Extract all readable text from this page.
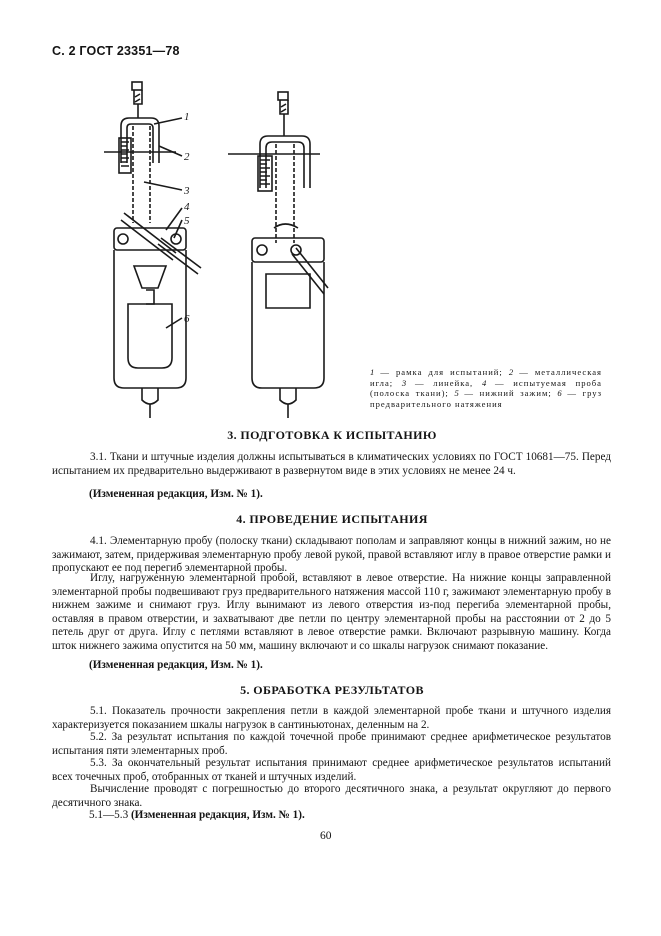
С. 2 ГОСТ 23351—78
1
2
3
4
5
6
1 — рамка для испытаний; 2 — металлическая игла; 3 — линейка, 4 — испытуемая проба (полоска ткани); 5 — нижний зажим; 6 — груз предварительного натяжения
3. ПОДГОТОВКА К ИСПЫТАНИЮ
3.1. Ткани и штучные изделия должны испытываться в климатических условиях по ГОСТ 10681—75. Перед испытанием их предварительно выдерживают в развернутом виде в этих условиях не менее 24 ч.
(Измененная редакция, Изм. № 1).
4. ПРОВЕДЕНИЕ ИСПЫТАНИЯ
4.1. Элементарную пробу (полоску ткани) складывают пополам и заправляют концы в нижний зажим, но не зажимают, затем, придерживая элементарную пробу левой рукой, правой вставляют иглу в правое отверстие рамки и пропускают ее под перегиб элементарной пробы.
Иглу, нагруженную элементарной пробой, вставляют в левое отверстие. На нижние концы заправленной элементарной пробы подвешивают груз предварительного натяжения массой 110 г, зажимают элементарную пробу в нижнем зажиме и снимают груз. Иглу вынимают из левого отверстия из-под перегиба элементарной пробы, оставляя в правом отверстии, и захватывают две петли по центру элементарной пробы на расстоянии от 2 до 5 петель друг от друга. Иглу с петлями вставляют в левое отверстие рамки. Включают разрывную машину. Когда шток нижнего зажима опустится на 50 мм, машину включают и со шкалы нагрузок снимают показание.
(Измененная редакция, Изм. № 1).
5. ОБРАБОТКА РЕЗУЛЬТАТОВ
5.1. Показатель прочности закрепления петли в каждой элементарной пробе ткани и штучного изделия характеризуется показанием шкалы нагрузок в сантиньютонах, деленным на 2.
5.2. За результат испытания по каждой точечной пробе принимают среднее арифметическое результатов испытания пяти элементарных проб.
5.3. За окончательный результат испытания принимают среднее арифметическое результатов испытаний всех точечных проб, отобранных от тканей и штучных изделий.
Вычисление проводят с погрешностью до второго десятичного знака, а результат округляют до первого десятичного знака.
5.1—5.3 (Измененная редакция, Изм. № 1).
60
